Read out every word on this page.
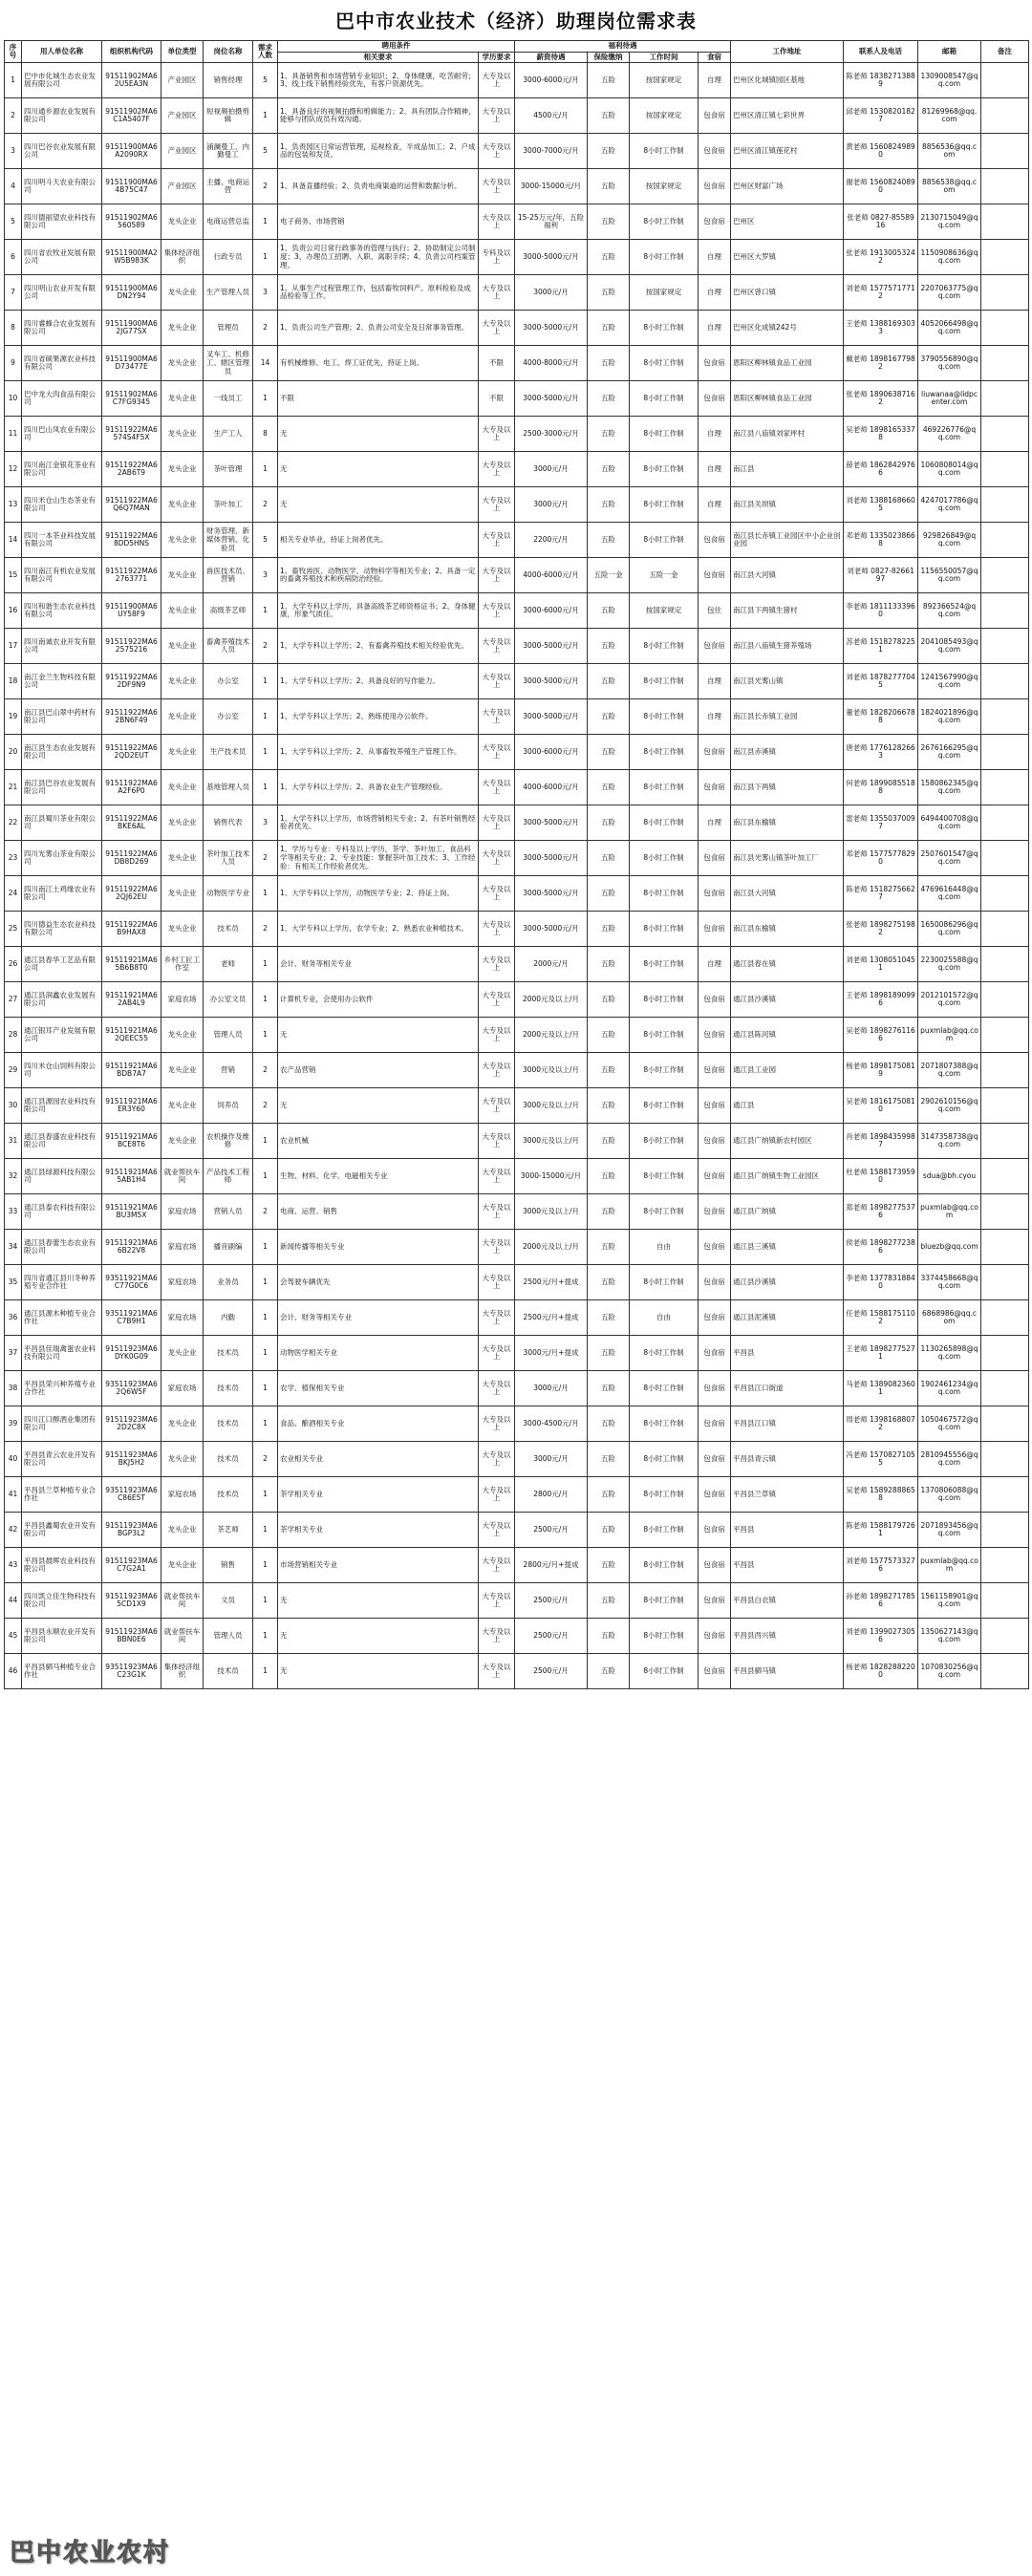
巴中市农业技术（经济）助理岗位需求表
序号	用人单位名称	组织机构代码	单位类型	岗位名称	需求人数	聘用条件		福利待遇				工作地址	联系人及电话	邮箱	备注
						相关要求	学历要求	薪资待遇	保险缴纳	工作时间	食宿				

1	巴中市化城生态农业发展有限公司	91511902MA62U5EA3N	产业园区	销售经理	5	1、具备销售和市场营销专业知识；2、身体健康，吃苦耐劳；3、线上线下销售经验优先，有客户资源优先。	大专及以上	3000-6000元/月	五险	按国家规定	自理	巴州区化城镇园区基地	陈老师 18382713889	1309008547@qq.com	
2	四川通乡源农业发展有限公司	91511902MA6C1A5407F	产业园区	短视频拍摄剪辑	1	1、具备良好的视频拍摄和剪辑能力；2、具有团队合作精神，能够与团队成员有效沟通。	大专及以上	4500元/月	五险	按国家规定	包食宿	巴州区清江镇七彩世界	邱老师 15308201827	81269968@qq.com	
3	四川巴谷农业发展有限公司	91511900MA6A2090RX	产业园区	涌澜曼工、内勤曼工	5	1、负责园区日常运营管理，巡视检查，半成品加工；2、户成品的包装和发货。	大专及以上	3000-7000元/月	五险	8小时工作制	包食宿	巴州区清江镇莲花村	黄老师 15608249890	8856536@qq.com	
4	四川明斗天农业有限公司	91511900MA64B75C47	产业园区	主播、电商运营	2	1、具备直播经验；2、负责电商渠道的运营和数据分析。	大专及以上	3000-15000元/月	五险	按国家规定	包食宿	巴州区财富广场	谢老师 15608240890	8856538@qq.com	
5	四川德丽望农业科技有限公司	91511902MA6560589	龙头企业	电商运营总监	1	电子商务、市场营销	大专及以上	15-25万元/年，五险福利	五险	8小时工作制	包食宿	巴州区	张老师 0827-8558916	2130715049@qq.com	
6	四川省农牧业发展有限公司	91511900MA2W5B983K	集体经济组织	行政专员	1	1、负责公司日常行政事务的管理与执行；2、协助制定公司制度；3、办理员工招聘、入职、离职手续；4、负责公司档案管理。	专科及以上	3000-5000元/月	五险	8小时工作制	自理	巴州区大罗镇	张老师 19130053242	1150908636@qq.com	
7	四川明山农业开发有限公司	91511900MA6DN2Y94	龙头企业	生产管理人员	3	1、从事生产过程管理工作，包括畜牧饲料产、原料检验及成品检验等工作。	大专及以上	3000元/月	五险	按国家规定	自理	巴州区曾口镇	刘老师 15775717712	2207063775@qq.com	
8	四川睿蜂合农业发展有限公司	91511900MA62JG77SX	龙头企业	管理员	2	1、负责公司生产管理；2、负责公司安全及日常事务管理。	大专及以上	3000-5000元/月	五险	8小时工作制	自理	巴州区化成镇242号	王老师 13881693033	4052066498@qq.com	
9	四川省硕果源农业科技有限公司	91511900MA6D73477E	龙头企业	叉车工、机修工、辖区管理员	14	有机械维修、电工、焊工证优先，持证上岗。	不限	4000-8000元/月	五险	8小时工作制	包食宿	恩阳区柳林镇食品工业园	戴老师 18981677982	3790556890@qq.com	
10	巴中龙大肉食品有限公司	91511902MA6C7FG9345	龙头企业	一线员工	1	不限	不限	3000-5000元/月	五险	8小时工作制	包食宿	恩阳区柳林镇食品工业园	张老师 18906387162	liuwanaa@lidpcenter.com	
11	四川巴山凤农业有限公司	91511922MA6574S4F5X	龙头企业	生产工人	8	无	大专及以上	2500-3000元/月	五险	8小时工作制	自理	南江县八庙镇刘家坪村	吴老师 18981653378	469226776@qq.com	
12	四川南江金银花茶业有限公司	91511922MA62AB6T9	龙头企业	茶叶管理	1	无	大专及以上	3000元/月	五险	8小时工作制	自理	南江县	薛老师 18628429766	1060808014@qq.com	
13	四川米仓山生态茶业有限公司	91511922MA6Q6Q7MAN	龙头企业	茶叶加工	2	无	大专及以上	3000元/月	五险	8小时工作制	自理	南江县关坝镇	刘老师 13881686605	4247017786@qq.com	
14	四川一本茶业科技发展有限公司	91511922MA68DD5HNS	龙头企业	财务管理、新媒体营销、化验员	5	相关专业毕业，持证上岗者优先。	大专及以上	2200元/月	五险	8小时工作制	包食宿	南江县长赤镇工业园区中小企业创业园	邓老师 13350238668	929826849@qq.com	
15	四川南江有机农业发展有限公司	91511922MA62763771	龙头企业	兽医技术员、营销	3	1、畜牧兽医、动物医学、动物科学等相关专业；2、具备一定的畜禽养殖技术和疾病防治经验。	大专及以上	4000-6000元/月	五险一金	五险一金	包食宿	南江县大河镇	刘老师 0827-8266197	1156550057@qq.com	
16	四川和谐生态农业科技有限公司	91511900MA6UY58F9	龙头企业	高级茶艺师	1	1、大学专科以上学历，具备高级茶艺师资格证书；2、身体健康，形象气质佳。	大专及以上	3000-6000元/月	五险	按国家规定	包住	南江县下两镇生猪村	李老师 18111333960	892366524@qq.com	
17	四川南诚农业开发有限公司	91511922MA62575216	龙头企业	畜禽养殖技术人员	2	1、大学专科以上学历；2、有畜禽养殖技术相关经验优先。	大专及以上	3000-5000元/月	五险	8小时工作制	包食宿	南江县八庙镇生猪养殖场	苏老师 15182782251	2041085493@qq.com	
18	南江金兰生物科技有限公司	91511922MA62DF9N9	龙头企业	办公室	1	1、大学专科以上学历；2、具备良好的写作能力。	大专及以上	3000-5000元/月	五险	8小时工作制	自理	南江县光雾山镇	刘老师 18782777045	1241567990@qq.com	
19	南江县巴山翠中药材有限公司	91511922MA62BN6F49	龙头企业	办公室	1	1、大学专科以上学历；2、熟练使用办公软件。	大专及以上	3000-5000元/月	五险	8小时工作制	自理	南江县长赤镇工业园	董老师 18282066788	1824021896@qq.com	
20	南江县生态农业发展有限公司	91511922MA62QD2EUT	龙头企业	生产技术员	1	1、大学专科以上学历；2、从事畜牧养殖生产管理工作。	大专及以上	3000-6000元/月	五险	8小时工作制	包食宿	南江县赤溪镇	唐老师 17761282663	2676166295@qq.com	
21	南江县巴谷农业发展有限公司	91511922MA6A2F6P0	龙头企业	基地管理人员	1	1、大学专科以上学历；2、具备农业生产管理经验。	大专及以上	4000-6000元/月	五险	8小时工作制	包食宿	南江县下两镇	何老师 18990855188	1580862345@qq.com	
22	南江县蜀川茶业有限公司	91511922MA6BKE6AL	龙头企业	销售代表	3	1、大学专科以上学历，市场营销相关专业；2、有茶叶销售经验者优先。	大专及以上	3000-5000元/月	五险	8小时工作制	自理	南江县东榆镇	雷老师 13550370097	6494400708@qq.com	
23	四川光雾山茶业有限公司	91511922MA6DB8D269	龙头企业	茶叶加工技术人员	2	1、学历与专业：专科及以上学历，茶学、茶叶加工、食品科学等相关专业；2、专业技能：掌握茶叶加工技术；3、工作经验：有相关工作经验者优先。	大专及以上	3000-5000元/月	五险	8小时工作制	包食宿	南江县光雾山镇茶叶加工厂	邓老师 15775778290	2507601547@qq.com	
24	四川南江土鸡缘农业有限公司	91511922MA62QJ62EU	龙头企业	动物医学专业	1	1、大学专科以上学历，动物医学专业；2、持证上岗。	大专及以上	3000-5000元/月	五险	8小时工作制	包食宿	南江县大河镇	陈老师 15182756627	4769616448@qq.com	
25	四川德益生态农业科技有限公司	91511922MA6B9HAX8	龙头企业	技术员	2	1、大学专科以上学历，农学专业；2、熟悉农业种植技术。	大专及以上	3000-5000元/月	五险	8小时工作制	包食宿	南江县东榆镇	张老师 18982751982	1650086296@qq.com	
26	通江县春华工艺品有限公司	91511921MA65B6B8T0	乡村工匠工作室	老师	1	会计、财务等相关专业	大专及以上	2000元/月	五险	8小时工作制	自理	通江县春在镇	刘老师 13080510451	2230025588@qq.com	
27	通江县润鑫农业发展有限公司	91511921MA62AB4L9	家庭农场	办公室文员	1	计算机专业，会使用办公软件	大专及以上	2000元及以上/月	五险	8小时工作制	包食宿	通江县沙溪镇	王老师 18981890996	2012101572@qq.com	
28	通江银耳产业发展有限公司	91511921MA62QEEC55	龙头企业	管理人员	1	无	大专及以上	2000元及以上/月	五险	8小时工作制	包食宿	通江县陈河镇	吴老师 18982761166	puxmlab@qq.com	
29	四川米仓山饲料有限公司	91511921MA6BDB7A7	龙头企业	营销	2	农产品营销	大专及以上	3000元及以上/月	五险	8小时工作制	包食宿	通江县工业园	杨老师 18981750819	2071807388@qq.com	
30	通江县源园农业科技有限公司	91511921MA6ER3Y60	龙头企业	饲养员	2	无	大专及以上	3000元及以上/月	五险	8小时工作制	包食宿	通江县	吴老师 18161750810	2902610156@qq.com	
31	通江县春盛农业科技有限公司	91511921MA6BCE8T6	龙头企业	农机操作及维修	1	农业机械	大专及以上	3000元及以上/月	五险	8小时工作制	包食宿	通江县广纳镇新农村园区	肖老师 18984359987	3147358738@qq.com	
32	通江县绿源科技有限公司	91511921MA65AB1H4	就业帮扶车间	产品技术工程师	1	生物、材料、化学、电磁相关专业	大专及以上	3000-15000元/月	五险	8小时工作制	包食宿	通江县广纳镇生物工业园区	杜老师 15881739590	sdua@bh.cyou	
33	通江县泰农科技有限公司	91511921MA6BU3M5X	家庭农场	营销人员	2	电商、运营、销售	大专及以上	3000元及以上/月	五险	8小时工作制	包食宿	通江县广纳镇	郑老师 18982775376	puxmlab@qq.com	
34	通江县春蕾生态农业有限公司	91511921MA66B22V8	家庭农场	播音副编	1	新闻传播等相关专业	大专及以上	2000元及以上/月	五险	自由	包食宿	通江县三溪镇	侯老师 18982772386	bluezb@qq.com	
35	四川省通江县川冬种养殖专业合作社	93511921MA6C77G0C6	家庭农场	业务员	1	会驾驶车辆优先	大专及以上	2500元/月+提成	五险	8小时工作制	包食宿	通江县沙溪镇	李老师 13778318840	3374458668@qq.com	
36	通江县源木种植专业合作社	93511921MA6C7B9H1	家庭农场	内勤	1	会计、财务等相关专业	大专及以上	2500元/月+提成	五险	自由	包食宿	通江县泥溪镇	任老师 15881751102	6868986@qq.com	
37	平昌县佳瑞禽蛋农业科技有限公司	91511923MA6DYK0G09	龙头企业	技术员	1	动物医学相关专业	大专及以上	3000元/月+提成	五险	8小时工作制	包食宿	平昌县	王老师 18982775271	1130265898@qq.com	
38	平昌县荣兴种养殖专业合作社	93511923MA62Q6W5F	家庭农场	技术员	1	农学、植保相关专业	大专及以上	3000元/月	五险	8小时工作制	包食宿	平昌县江口街道	马老师 13890823601	1902461234@qq.com	
39	四川江口醇酒业集团有限公司	91511923MA62D2C8X	龙头企业	技术员	1	食品、酿酒相关专业	大专及以上	3000-4500元/月	五险	8小时工作制	包食宿	平昌县江口镇	周老师 13981688072	1050467572@qq.com	
40	平昌县青云农业开发有限公司	91511923MA6BKJ5H2	龙头企业	技术员	2	农业相关专业	大专及以上	3000元/月	五险	8小时工作制	包食宿	平昌县青云镇	冯老师 15708271055	2810945556@qq.com	
41	平昌县兰草种植专业合作社	93511923MA6C86E5T	家庭农场	技术员	1	茶学相关专业	大专及以上	2800元/月	五险	8小时工作制	包食宿	平昌县兰草镇	吴老师 15892888658	1370806088@qq.com	
42	平昌县鑫蜀农业开发有限公司	91511923MA6BGP3L2	龙头企业	茶艺师	1	茶学相关专业	大专及以上	2500元/月	五险	8小时工作制	包食宿	平昌县	陈老师 15881797261	2071893456@qq.com	
43	平昌县晨晖农业科技有限公司	91511923MA6C7G2A1	龙头企业	销售	1	市场营销相关专业	大专及以上	2800元/月+提成	五险	8小时工作制	包食宿	平昌县	刘老师 15775733276	puxmlab@qq.com	
44	四川凯立佳生物科技有限公司	91511923MA65CD1X9	就业帮扶车间	文员	1	无	大专及以上	2500元/月	五险	8小时工作制	包食宿	平昌县白衣镇	孙老师 18982717856	1561158901@qq.com	
45	平昌县永顺农业开发有限公司	91511923MA6BBN0E6	就业帮扶车间	管理人员	1	无	大专及以上	2500元/月	五险	8小时工作制	包食宿	平昌县西兴镇	刘老师 13990273056	1350627143@qq.com	
46	平昌县驷马种植专业合作社	93511923MA6C23G1K	集体经济组织	技术员	1	无	大专及以上	2500元/月	五险	8小时工作制	包食宿	平昌县驷马镇	杨老师 18282882200	1070830256@qq.com	
巴中农业农村
